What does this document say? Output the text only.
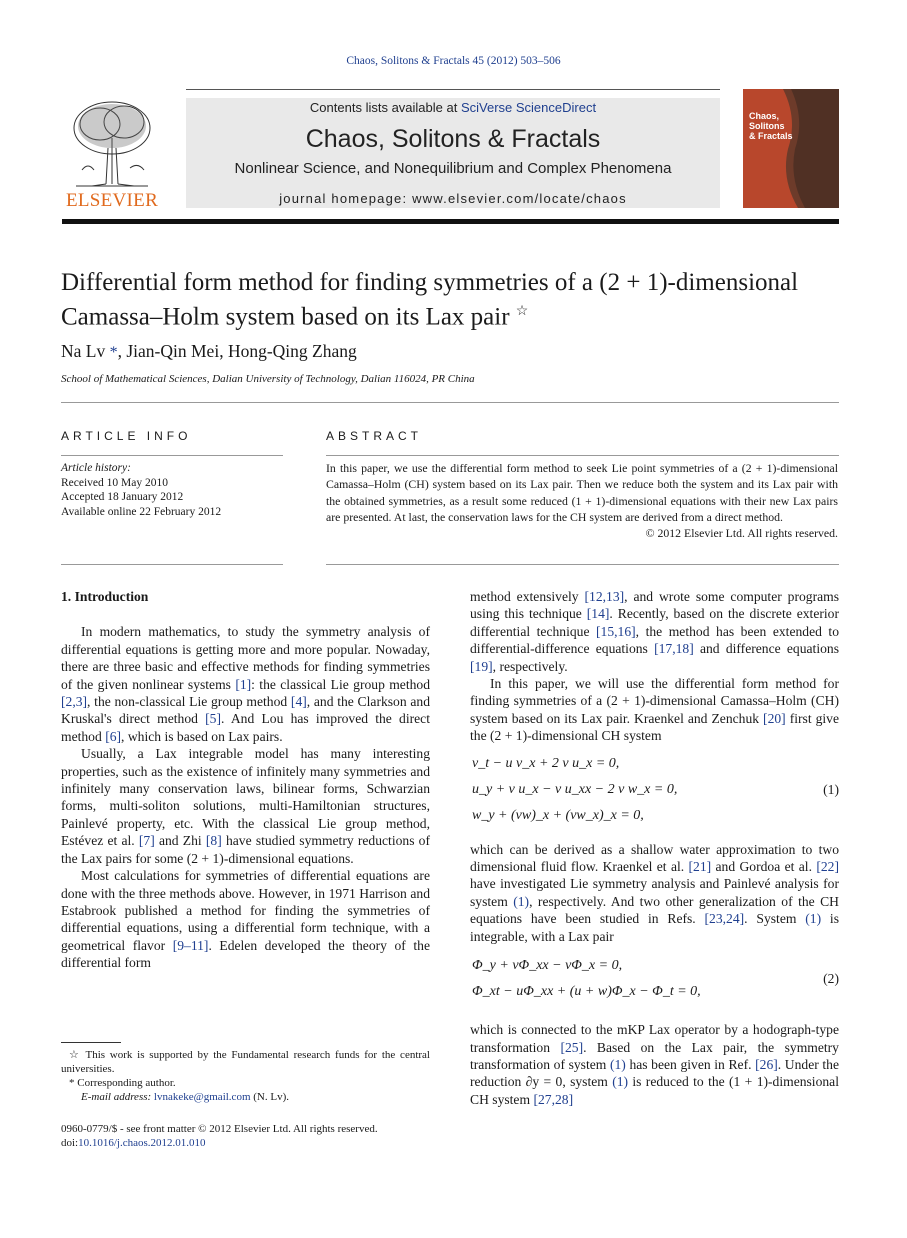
Chaos, Solitons & Fractals 45 (2012) 503–506
ELSEVIER
Contents lists available at SciVerse ScienceDirect
Chaos, Solitons & Fractals
Nonlinear Science, and Nonequilibrium and Complex Phenomena
journal homepage: www.elsevier.com/locate/chaos
Chaos, Solitons & Fractals
Differential form method for finding symmetries of a (2 + 1)-dimensional
Camassa–Holm system based on its Lax pair ☆
Na Lv *, Jian-Qin Mei, Hong-Qing Zhang
School of Mathematical Sciences, Dalian University of Technology, Dalian 116024, PR China
ARTICLE INFO
Article history:
Received 10 May 2010
Accepted 18 January 2012
Available online 22 February 2012
ABSTRACT
In this paper, we use the differential form method to seek Lie point symmetries of a (2 + 1)-dimensional Camassa–Holm (CH) system based on its Lax pair. Then we reduce both the system and its Lax pair with the obtained symmetries, as a result some reduced (1 + 1)-dimensional equations with their new Lax pairs are presented. At last, the conservation laws for the CH system are derived from a direct method.
© 2012 Elsevier Ltd. All rights reserved.
1. Introduction

In modern mathematics, to study the symmetry analysis of differential equations is getting more and more popular. Nowaday, there are three basic and effective methods for finding symmetries of the given nonlinear systems [1]: the classical Lie group method [2,3], the non-classical Lie group method [4], and the Clarkson and Kruskal's direct method [5]. And Lou has improved the direct method [6], which is based on Lax pairs.

Usually, a Lax integrable model has many interesting properties, such as the existence of infinitely many symmetries and infinitely many conservation laws, bilinear forms, Schwarzian forms, multi-soliton solutions, multi-Hamiltonian structures, Painlevé property, etc. With the classical Lie group method, Estévez et al. [7] and Zhi [8] have studied symmetry reductions of the Lax pairs for some (2 + 1)-dimensional equations.

Most calculations for symmetries of differential equations are done with the three methods above. However, in 1971 Harrison and Estabrook published a method for finding the symmetries of differential equations, using a differential form technique, with a geometrical flavor [9–11]. Edelen developed the theory of the differential form

☆ This work is supported by the Fundamental research funds for the central universities.
* Corresponding author.
E-mail address: lvnakeke@gmail.com (N. Lv).
0960-0779/$ - see front matter © 2012 Elsevier Ltd. All rights reserved.
doi:10.1016/j.chaos.2012.01.010

method extensively [12,13], and wrote some computer programs using this technique [14]. Recently, based on the discrete exterior differential technique [15,16], the method has been extended to differential-difference equations [17,18] and difference equations [19], respectively.

In this paper, we will use the differential form method for finding symmetries of a (2 + 1)-dimensional Camassa–Holm (CH) system based on its Lax pair. Kraenkel and Zenchuk [20] first give the (2 + 1)-dimensional CH system

v_t − u v_x + 2 v u_x = 0,
u_y + v u_x − v u_xx − 2 v w_x = 0,
w_y + (vw)_x + (vw_x)_x = 0,
(1)

which can be derived as a shallow water approximation to two dimensional fluid flow. Kraenkel et al. [21] and Gordoa et al. [22] have investigated Lie symmetry analysis and Painlevé analysis for system (1), respectively. And two other generalization of the CH equations have been studied in Refs. [23,24]. System (1) is integrable, with a Lax pair

Φ_y + vΦ_xx − vΦ_x = 0,
Φ_xt − uΦ_xx + (u + w)Φ_x − Φ_t = 0,
(2)

which is connected to the mKP Lax operator by a hodograph-type transformation [25]. Based on the Lax pair, the symmetry transformation of system (1) has been given in Ref. [26]. Under the reduction ∂y = 0, system (1) is reduced to the (1 + 1)-dimensional CH system [27,28]
